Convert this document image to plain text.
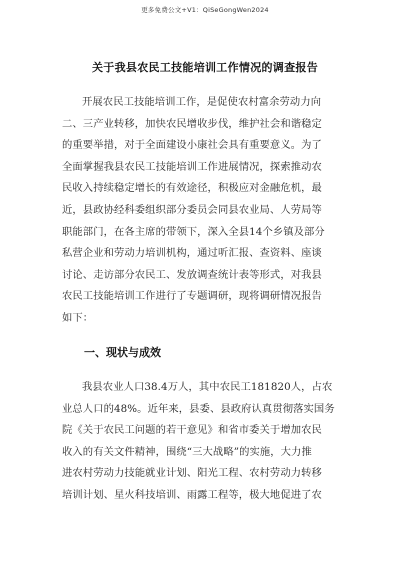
更多免费公文+V1：QiSeGongWen2024
关于我县农民工技能培训工作情况的调查报告
开展农民工技能培训工作，是促使农村富余劳动力向
二、三产业转移，加快农民增收步伐，维护社会和谐稳定
的重要举措，对于全面建设小康社会具有重要意义。为了
全面掌握我县农民工技能培训工作进展情况，探索推动农
民收入持续稳定增长的有效途径，积极应对金融危机，最
近，县政协经科委组织部分委员会同县农业局、人劳局等
职能部门，在各主席的带领下，深入全县14个乡镇及部分
私营企业和劳动力培训机构，通过听汇报、查资料、座谈
讨论、走访部分农民工、发放调查统计表等形式，对我县
农民工技能培训工作进行了专题调研，现将调研情况报告
如下：
一、现状与成效
我县农业人口38.4万人，其中农民工181820人，占农
业总人口的48%。近年来，县委、县政府认真贯彻落实国务
院《关于农民工问题的若干意见》和省市委关于增加农民
收入的有关文件精神，围绕“三大战略”的实施，大力推
进农村劳动力技能就业计划、阳光工程、农村劳动力转移
培训计划、星火科技培训、雨露工程等，极大地促进了农
